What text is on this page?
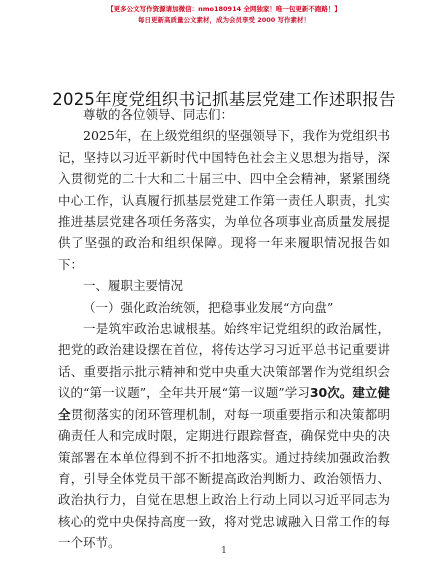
【更多公文写作资源请加微信：nmo180914 全网独家！唯一包更新不跑路！】
每日更新高质量公文素材，成为会员享受 2000 写作素材！
2025年度党组织书记抓基层党建工作述职报告

尊敬的各位领导、同志们：

2025年，在上级党组织的坚强领导下，我作为党组织书记，坚持以习近平新时代中国特色社会主义思想为指导，深入贯彻党的二十大和二十届三中、四中全会精神，紧紧围绕中心工作，认真履行抓基层党建工作第一责任人职责，扎实推进基层党建各项任务落实，为单位各项事业高质量发展提供了坚强的政治和组织保障。现将一年来履职情况报告如下：

一、履职主要情况

（一）强化政治统领，把稳事业发展“方向盘”

一是筑牢政治忠诚根基。始终牢记党组织的政治属性，把党的政治建设摆在首位，将传达学习习近平总书记重要讲话、重要指示批示精神和党中央重大决策部署作为党组织会议的“第一议题”，全年共开展“第一议题”学习30次。建立健全贯彻落实的闭环管理机制，对每一项重要指示和决策都明确责任人和完成时限，定期进行跟踪督查，确保党中央的决策部署在本单位得到不折不扣地落实。通过持续加强政治教育，引导全体党员干部不断提高政治判断力、政治领悟力、政治执行力，自觉在思想上政治上行动上同以习近平同志为核心的党中央保持高度一致，将对党忠诚融入日常工作的每一个环节。

1
